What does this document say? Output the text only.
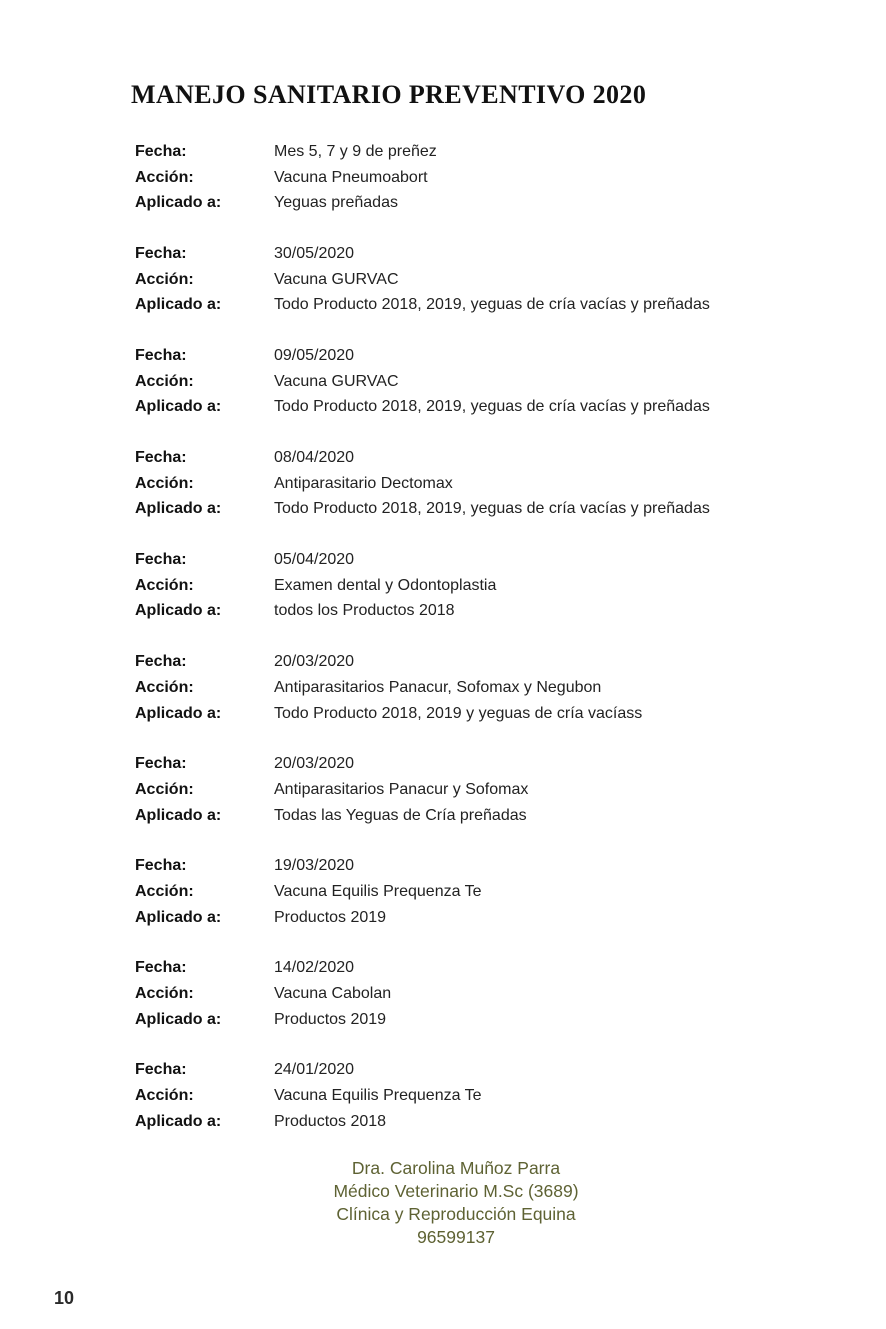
MANEJO SANITARIO PREVENTIVO 2020
Fecha:	Mes 5, 7 y 9 de preñez
Acción:	Vacuna Pneumoabort
Aplicado a:	Yeguas preñadas
Fecha:	30/05/2020
Acción:	Vacuna GURVAC
Aplicado a:	Todo Producto 2018, 2019, yeguas de cría vacías y preñadas
Fecha:	09/05/2020
Acción:	Vacuna GURVAC
Aplicado a:	Todo Producto 2018, 2019, yeguas de cría vacías y preñadas
Fecha:	08/04/2020
Acción:	Antiparasitario Dectomax
Aplicado a:	Todo Producto 2018, 2019, yeguas de cría vacías y preñadas
Fecha:	05/04/2020
Acción:	Examen dental y Odontoplastia
Aplicado a:	todos los Productos 2018
Fecha:	20/03/2020
Acción:	Antiparasitarios Panacur, Sofomax y Negubon
Aplicado a:	Todo Producto 2018, 2019 y yeguas de cría vacíass
Fecha:	20/03/2020
Acción:	Antiparasitarios Panacur y Sofomax
Aplicado a:	Todas las Yeguas de Cría preñadas
Fecha:	19/03/2020
Acción:	Vacuna Equilis Prequenza Te
Aplicado a:	Productos 2019
Fecha:	14/02/2020
Acción:	Vacuna Cabolan
Aplicado a:	Productos 2019
Fecha:	24/01/2020
Acción:	Vacuna Equilis Prequenza Te
Aplicado a:	Productos 2018
Dra. Carolina Muñoz Parra
Médico Veterinario M.Sc (3689)
Clínica y Reproducción Equina
96599137
10
